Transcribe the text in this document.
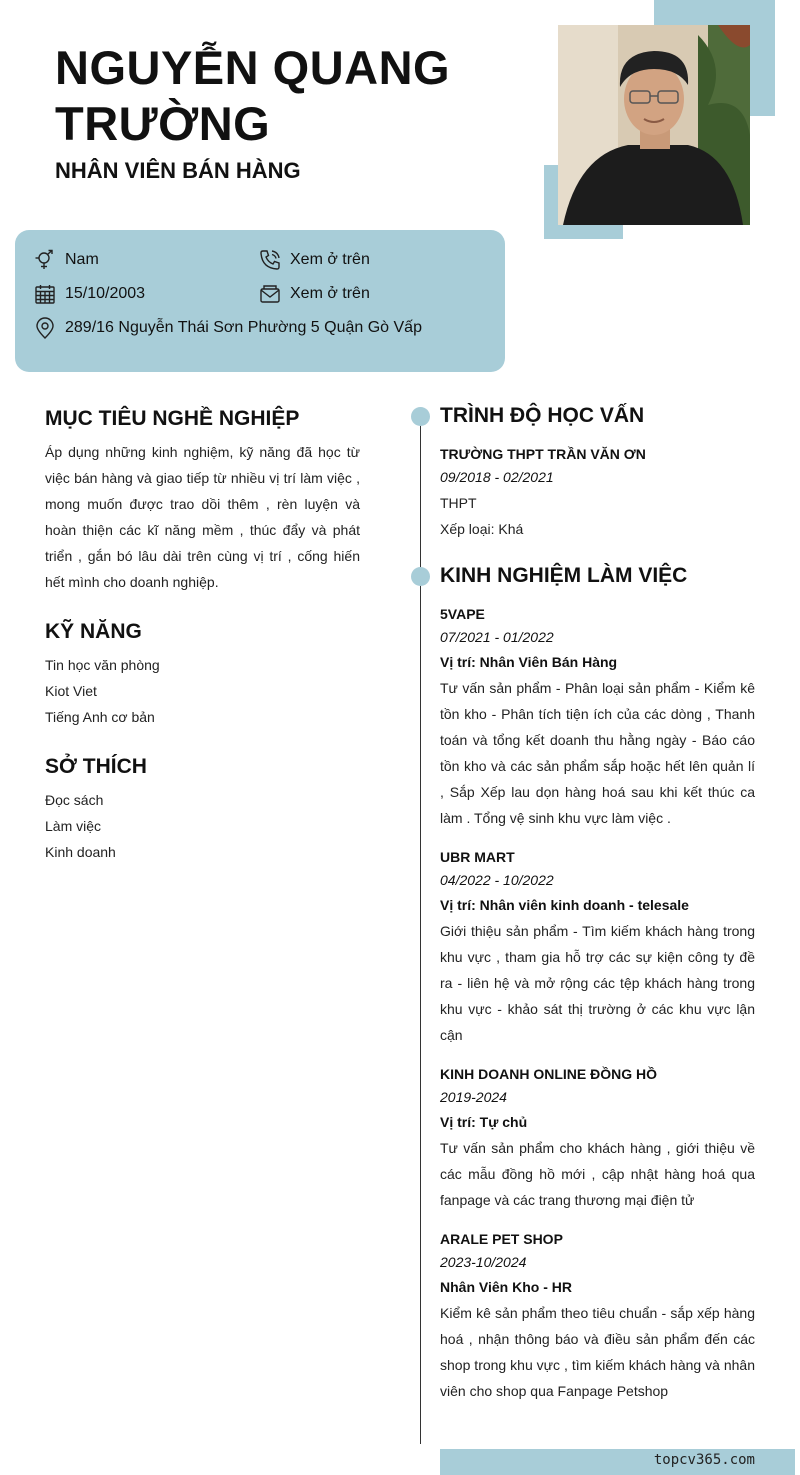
NGUYỄN QUANG TRƯỜNG
NHÂN VIÊN BÁN HÀNG
Nam	Xem ở trên
15/10/2003	Xem ở trên
289/16 Nguyễn Thái Sơn Phường 5 Quận Gò Vấp
MỤC TIÊU NGHỀ NGHIỆP
Áp dụng những kinh nghiệm, kỹ năng đã học từ việc bán hàng và giao tiếp từ nhiều vị trí làm việc , mong muốn được trao dồi thêm , rèn luyện và hoàn thiện các kĩ năng mềm , thúc đẩy và phát triển , gắn bó lâu dài trên cùng vị trí , cống hiến hết mình cho doanh nghiệp.
KỸ NĂNG
Tin học văn phòng
Kiot Viet
Tiếng Anh cơ bản
SỞ THÍCH
Đọc sách
Làm việc
Kinh doanh
TRÌNH ĐỘ HỌC VẤN
TRƯỜNG THPT TRẦN VĂN ƠN
09/2018 - 02/2021
THPT
Xếp loại: Khá
KINH NGHIỆM LÀM VIỆC
5VAPE
07/2021 - 01/2022
Vị trí: Nhân Viên Bán Hàng
Tư vấn sản phẩm - Phân loại sản phẩm - Kiểm kê tồn kho - Phân tích tiện ích của các dòng , Thanh toán và tổng kết doanh thu hằng ngày - Báo cáo tồn kho và các sản phẩm sắp hoặc hết lên quản lí , Sắp Xếp lau dọn hàng hoá sau khi kết thúc ca làm . Tổng vệ sinh khu vực làm việc .
UBR MART
04/2022 - 10/2022
Vị trí: Nhân viên kinh doanh - telesale
Giới thiệu sản phẩm - Tìm kiếm khách hàng trong khu vực , tham gia hỗ trợ các sự kiện công ty đề ra - liên hệ và mở rộng các tệp khách hàng trong khu vực - khảo sát thị trường ở các khu vực lận cận
KINH DOANH ONLINE ĐỒNG HỒ
2019-2024
Vị trí: Tự chủ
Tư vấn sản phẩm cho khách hàng , giới thiệu về các mẫu đồng hồ mới , cập nhật hàng hoá qua fanpage và các trang thương mại điện tử
ARALE PET SHOP
2023-10/2024
Nhân Viên Kho - HR
Kiểm kê sản phẩm theo tiêu chuẩn - sắp xếp hàng hoá , nhận thông báo và điều sản phẩm đến các shop trong khu vực , tìm kiếm khách hàng và nhân viên cho shop qua Fanpage Petshop
topcv365.com
